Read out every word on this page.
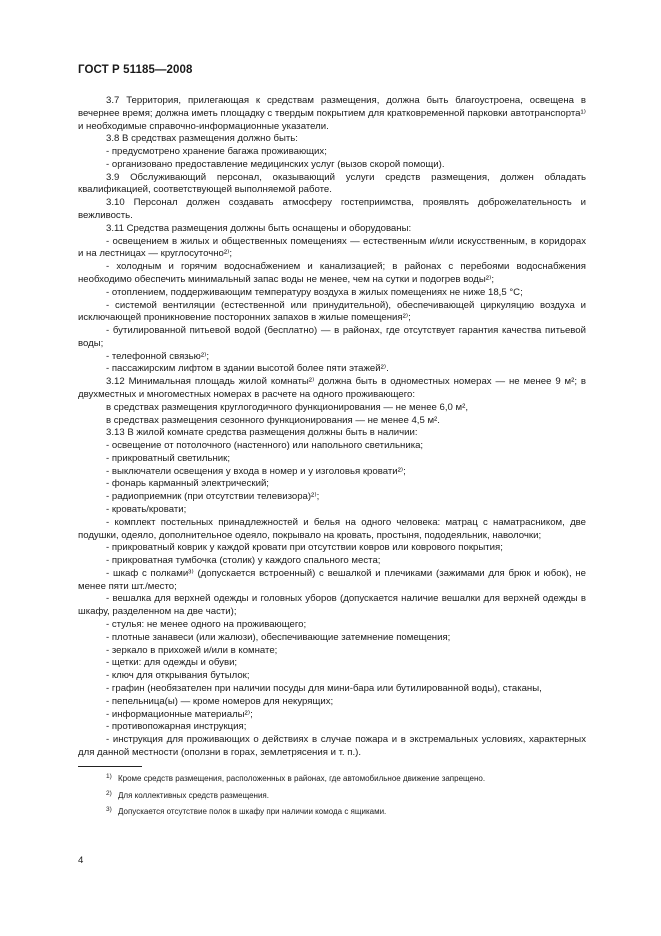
ГОСТ Р 51185—2008

3.7 Территория, прилегающая к средствам размещения, должна быть благоустроена, освещена в вечернее время; должна иметь площадку с твердым покрытием для кратковременной парковки автотранспорта¹⁾ и необходимые справочно-информационные указатели.

3.8 В средствах размещения должно быть:

- предусмотрено хранение багажа проживающих;

- организовано предоставление медицинских услуг (вызов скорой помощи).

3.9 Обслуживающий персонал, оказывающий услуги средств размещения, должен обладать квалификацией, соответствующей выполняемой работе.

3.10 Персонал должен создавать атмосферу гостеприимства, проявлять доброжелательность и вежливость.

3.11 Средства размещения должны быть оснащены и оборудованы:

- освещением в жилых и общественных помещениях — естественным и/или искусственным, в коридорах и на лестницах — круглосуточно²⁾;

- холодным и горячим водоснабжением и канализацией; в районах с перебоями водоснабжения необходимо обеспечить минимальный запас воды не менее, чем на сутки и подогрев воды²⁾;

- отоплением, поддерживающим температуру воздуха в жилых помещениях не ниже 18,5 °С;

- системой вентиляции (естественной или принудительной), обеспечивающей циркуляцию воздуха и исключающей проникновение посторонних запахов в жилые помещения²⁾;

- бутилированной питьевой водой (бесплатно) — в районах, где отсутствует гарантия качества питьевой воды;

- телефонной связью²⁾;

- пассажирским лифтом в здании высотой более пяти этажей²⁾.

3.12 Минимальная площадь жилой комнаты²⁾ должна быть в одноместных номерах — не менее 9 м²; в двухместных и многоместных номерах в расчете на одного проживающего:

в средствах размещения круглогодичного функционирования — не менее 6,0 м²,

в средствах размещения сезонного функционирования — не менее 4,5 м².

3.13 В жилой комнате средства размещения должны быть в наличии:

- освещение от потолочного (настенного) или напольного светильника;

- прикроватный светильник;

- выключатели освещения у входа в номер и у изголовья кровати²⁾;

- фонарь карманный электрический;

- радиоприемник (при отсутствии телевизора)²⁾;

- кровать/кровати;

- комплект постельных принадлежностей и белья на одного человека: матрац с наматрасником, две подушки, одеяло, дополнительное одеяло, покрывало на кровать, простыня, пододеяльник, наволочки;

- прикроватный коврик у каждой кровати при отсутствии ковров или коврового покрытия;

- прикроватная тумбочка (столик) у каждого спального места;

- шкаф с полками³⁾ (допускается встроенный) с вешалкой и плечиками (зажимами для брюк и юбок), не менее пяти шт./место;

- вешалка для верхней одежды и головных уборов (допускается наличие вешалки для верхней одежды в шкафу, разделенном на две части);

- стулья: не менее одного на проживающего;

- плотные занавеси (или жалюзи), обеспечивающие затемнение помещения;

- зеркало в прихожей и/или в комнате;

- щетки: для одежды и обуви;

- ключ для открывания бутылок;

- графин (необязателен при наличии посуды для мини-бара или бутилированной воды), стаканы,

- пепельница(ы) — кроме номеров для некурящих;

- информационные материалы²⁾;

- противопожарная инструкция;

- инструкция для проживающих о действиях в случае пожара и в экстремальных условиях, характерных для данной местности (оползни в горах, землетрясения и т. п.).

$^{1)}$ Кроме средств размещения, расположенных в районах, где автомобильное движение запрещено.

$^{2)}$ Для коллективных средств размещения.

$^{3)}$ Допускается отсутствие полок в шкафу при наличии комода с ящиками.

4
